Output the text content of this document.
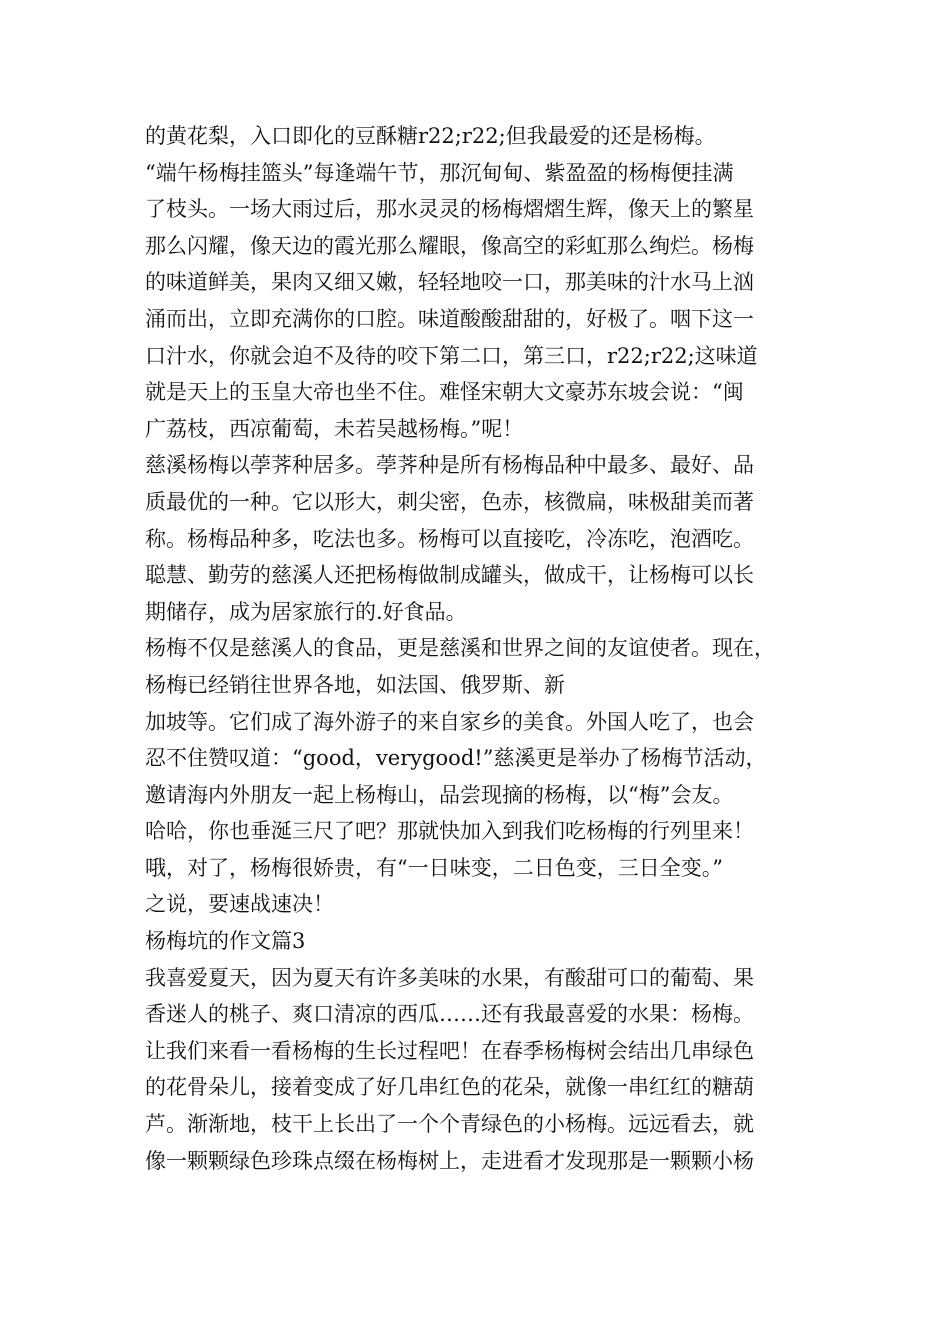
的黄花梨，入口即化的豆酥糖r22;r22;但我最爱的还是杨梅。
“端午杨梅挂篮头”每逢端午节，那沉甸甸、紫盈盈的杨梅便挂满
了枝头。一场大雨过后，那水灵灵的杨梅熠熠生辉，像天上的繁星
那么闪耀，像天边的霞光那么耀眼，像高空的彩虹那么绚烂。杨梅
的味道鲜美，果肉又细又嫩，轻轻地咬一口，那美味的汁水马上汹
涌而出，立即充满你的口腔。味道酸酸甜甜的，好极了。咽下这一
口汁水，你就会迫不及待的咬下第二口，第三口，r22;r22;这味道
就是天上的玉皇大帝也坐不住。难怪宋朝大文豪苏东坡会说：“闽
广荔枝，西凉葡萄，未若吴越杨梅。”呢！
慈溪杨梅以荸荠种居多。荸荠种是所有杨梅品种中最多、最好、品
质最优的一种。它以形大，刺尖密，色赤，核微扁，味极甜美而著
称。杨梅品种多，吃法也多。杨梅可以直接吃，冷冻吃，泡酒吃。
聪慧、勤劳的慈溪人还把杨梅做制成罐头，做成干，让杨梅可以长
期储存，成为居家旅行的.好食品。
杨梅不仅是慈溪人的食品，更是慈溪和世界之间的友谊使者。现在，
杨梅已经销往世界各地，如法国、俄罗斯、新
加坡等。它们成了海外游子的来自家乡的美食。外国人吃了，也会
忍不住赞叹道：“good，verygood!”慈溪更是举办了杨梅节活动，
邀请海内外朋友一起上杨梅山，品尝现摘的杨梅，以“梅”会友。
哈哈，你也垂涎三尺了吧？那就快加入到我们吃杨梅的行列里来！
哦，对了，杨梅很娇贵，有“一日味变，二日色变，三日全变。”
之说，要速战速决！
杨梅坑的作文篇3
我喜爱夏天，因为夏天有许多美味的水果，有酸甜可口的葡萄、果
香迷人的桃子、爽口清凉的西瓜……还有我最喜爱的水果：杨梅。
让我们来看一看杨梅的生长过程吧！在春季杨梅树会结出几串绿色
的花骨朵儿，接着变成了好几串红色的花朵，就像一串红红的糖葫
芦。渐渐地，枝干上长出了一个个青绿色的小杨梅。远远看去，就
像一颗颗绿色珍珠点缀在杨梅树上，走进看才发现那是一颗颗小杨
